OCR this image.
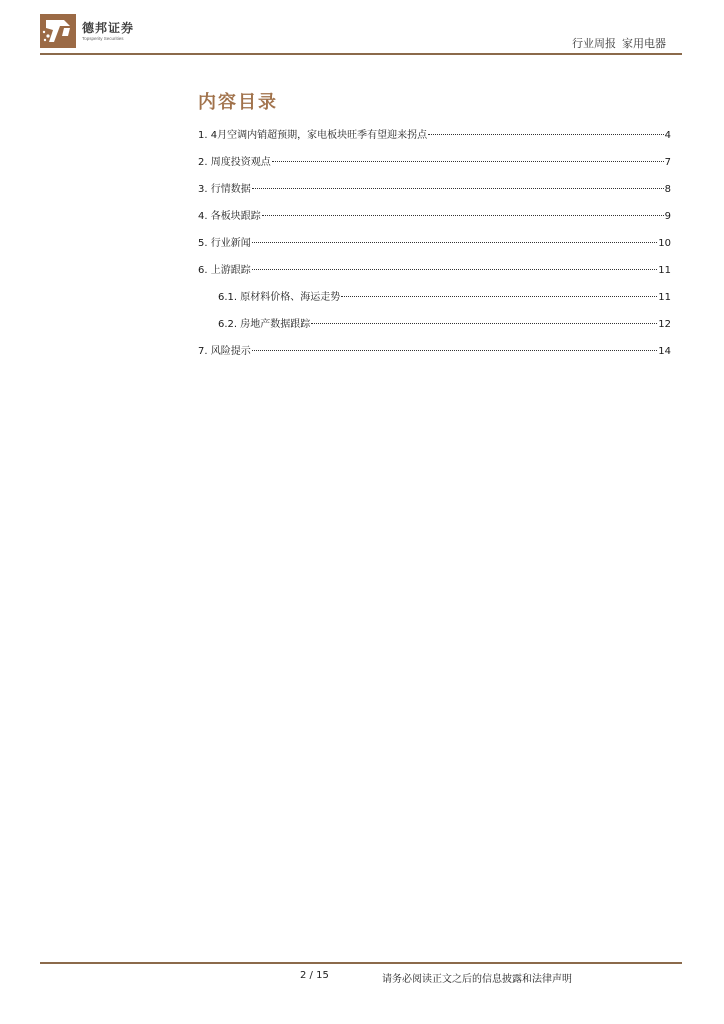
德邦证券
Topsperity Securities	行业周报 家用电器
内容目录
1. 4月空调内销超预期，家电板块旺季有望迎来拐点	4
2. 周度投资观点	7
3. 行情数据	8
4. 各板块跟踪	9
5. 行业新闻	10
6. 上游跟踪	11
6.1. 原材料价格、海运走势	11
6.2. 房地产数据跟踪	12
7. 风险提示	14
2 / 15	请务必阅读正文之后的信息披露和法律声明
